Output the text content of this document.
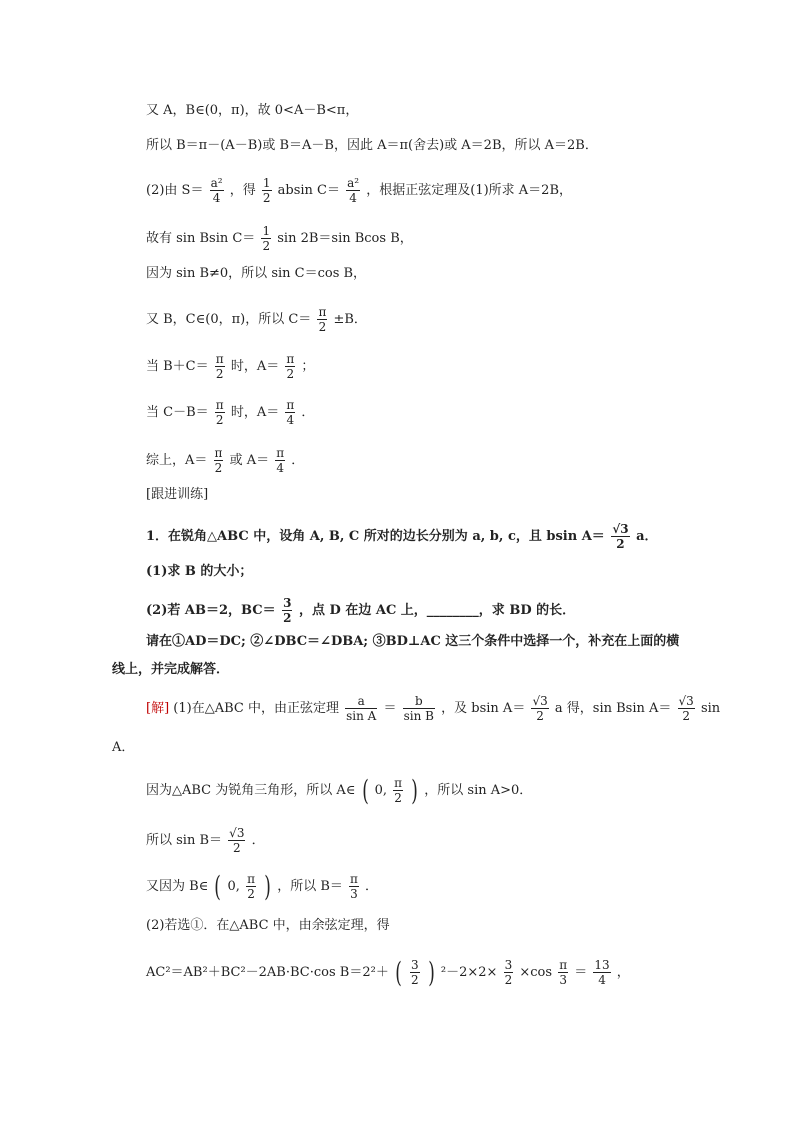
又 A，B∈(0，π)，故 0<A－B<π，
所以 B＝π－(A－B)或 B＝A－B，因此 A＝π(舍去)或 A＝2B，所以 A＝2B．
(2)由 $S= \frac{\text{a²}}{4}$ ，得 $\frac{1}{2}$ absin $C= \frac{\text{a²}}{4}$ ，根据正弦定理及(1)所求 A＝2B，
故有 sin Bsin $C= \frac{1}{2}$ sin 2B＝sin Bcos B，
因为 sin B≠0，所以 sin C＝cos B，
又 B，C∈(0，π)，所以 $C= \frac{\pi}{2} \pm B$．
当 $B+C= \frac{\pi}{2}$ 时，$A= \frac{\pi}{2}$ ；
当 $C-B= \frac{\pi}{2}$ 时，$A= \frac{\pi}{4}$ ．
综上，$A= \frac{\pi}{2}$ 或 $A= \frac{\pi}{4}$ ．
[跟进训练]
1．在锐角△ABC 中，设角 A, B, C 所对的边长分别为 a, b, c，且 bsin $A= \frac{√3}{2}$ a．
(1)求 B 的大小；
(2)若 AB＝2，$BC= \frac{3}{2}$ ，点 D 在边 AC 上，________，求 BD 的长．
请在①AD＝DC; ②∠DBC＝∠DBA; ③BD⊥AC 这三个条件中选择一个，补充在上面的横
线上，并完成解答．
[解] (1)在△ABC 中，由正弦定理 $\frac{a}{\text{sin A}} = \frac{b}{\text{sin B}}$ ，及 bsin $A= \frac{√3}{2}$ a 得，sin Bsin $A= \frac{√3}{2}$ sin
A．
因为△ABC 为锐角三角形，所以 A∈ ( 0, $\frac{\pi}{2}$ ) ，所以 sin A>0．
所以 $\sin B= \frac{√3}{2}$ ．
又因为 B∈ ( 0, $\frac{\pi}{2}$ ) ，所以 $B= \frac{\pi}{3}$ ．
(2)若选①．在△ABC 中，由余弦定理，得
AC²＝AB²＋BC²－2AB·BC·cos B＝2²＋ ( $\frac{3}{2}$ ) $^2-2\times 2\times \frac{3}{2} \times\cos \frac{\pi}{3} = \frac{13}{4}$ ，
